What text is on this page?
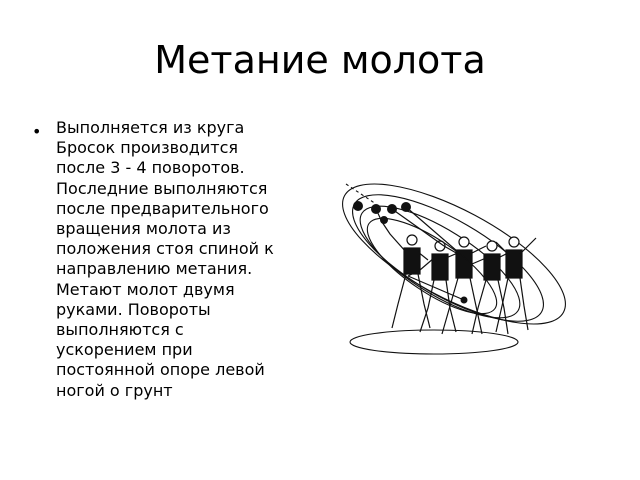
Метание молота
• Выполняется из круга
Бросок производится
после 3 - 4 поворотов.
Последние выполняются
после предварительного
вращения молота из
положения стоя спиной к
направлению метания.
Метают молот двумя
руками. Повороты
выполняются с
ускорением при
постоянной опоре левой
ногой о грунт
